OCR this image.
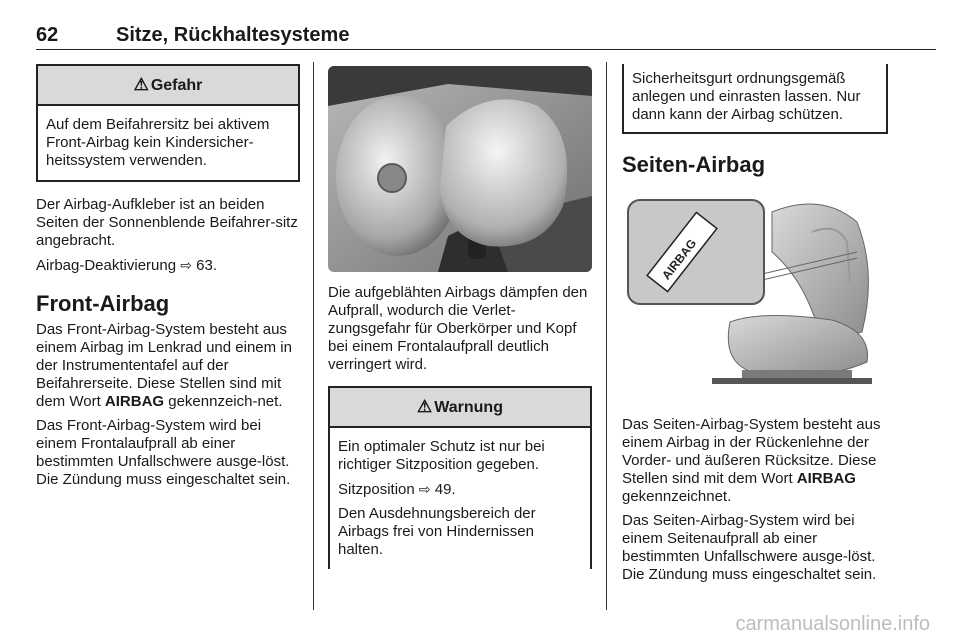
62	Sitze, Rückhaltesysteme
⚠ Gefahr

Auf dem Beifahrersitz bei aktivem Front-Airbag kein Kindersicher-heitssystem verwenden.

Der Airbag-Aufkleber ist an beiden Seiten der Sonnenblende Beifahrer-sitz angebracht.

Airbag-Deaktivierung ⇨ 63.

Front-Airbag

Das Front-Airbag-System besteht aus einem Airbag im Lenkrad und einem in der Instrumententafel auf der Beifahrerseite. Diese Stellen sind mit dem Wort AIRBAG gekennzeich-net.

Das Front-Airbag-System wird bei einem Frontalaufprall ab einer bestimmten Unfallschwere ausge-löst. Die Zündung muss eingeschaltet sein.

Die aufgeblähten Airbags dämpfen den Aufprall, wodurch die Verlet-zungsgefahr für Oberkörper und Kopf bei einem Frontalaufprall deutlich verringert wird.

⚠ Warnung

Ein optimaler Schutz ist nur bei richtiger Sitzposition gegeben.

Sitzposition ⇨ 49.

Den Ausdehnungsbereich der Airbags frei von Hindernissen halten.

Sicherheitsgurt ordnungsgemäß anlegen und einrasten lassen. Nur dann kann der Airbag schützen.

Seiten-Airbag

Das Seiten-Airbag-System besteht aus einem Airbag in der Rückenlehne der Vorder- und äußeren Rücksitze. Diese Stellen sind mit dem Wort AIRBAG gekennzeichnet.

Das Seiten-Airbag-System wird bei einem Seitenaufprall ab einer bestimmten Unfallschwere ausge-löst. Die Zündung muss eingeschaltet sein.

carmanualsonline.info
AIRBAG
